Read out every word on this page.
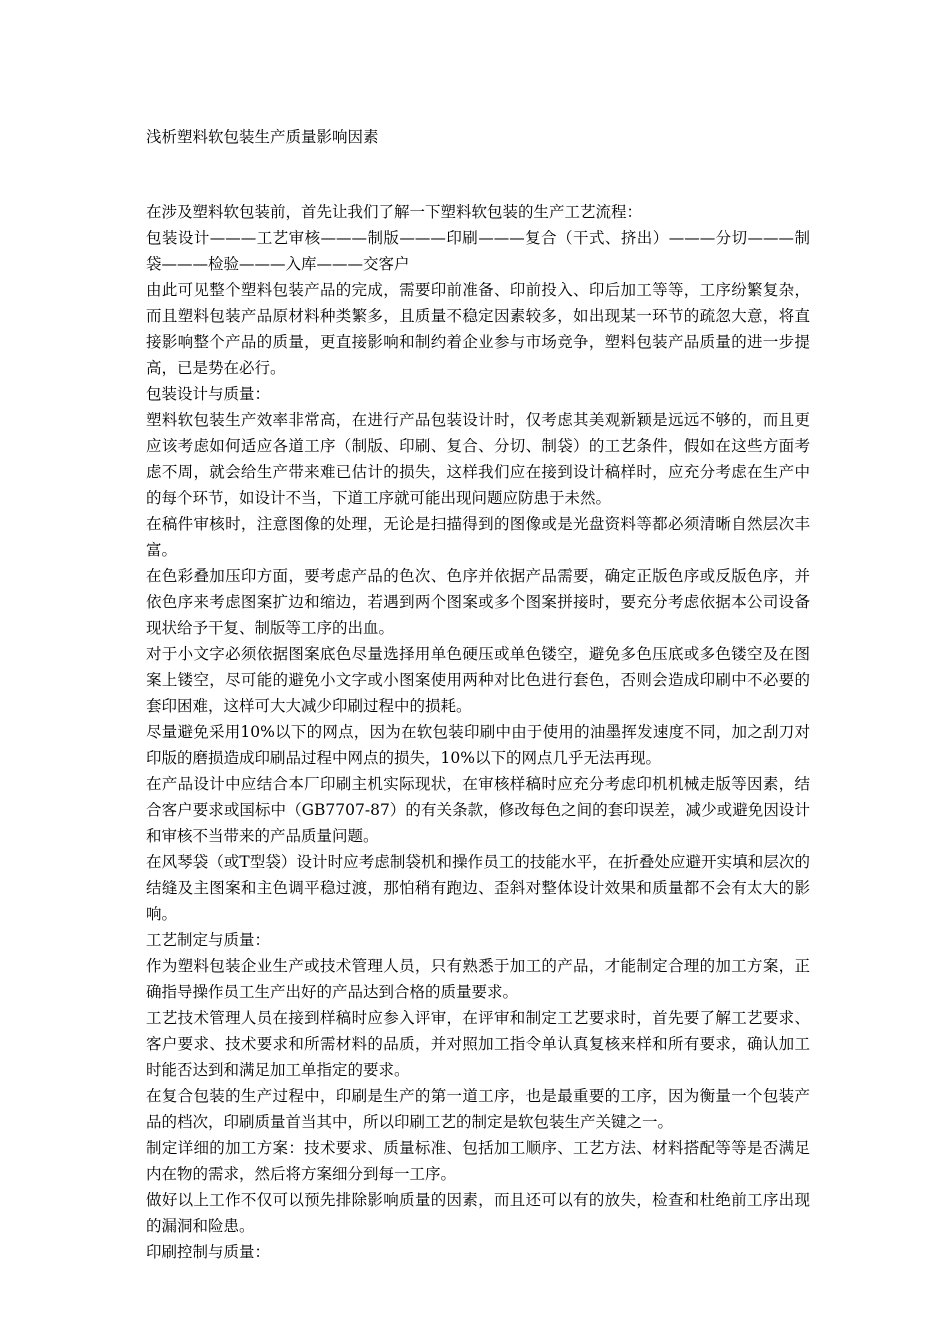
浅析塑料软包装生产质量影响因素

在涉及塑料软包装前，首先让我们了解一下塑料软包装的生产工艺流程：

包装设计———工艺审核———制版———印刷———复合（干式、挤出）———分切———制袋———检验———入库———交客户

由此可见整个塑料包装产品的完成，需要印前准备、印前投入、印后加工等等，工序纷繁复杂，而且塑料包装产品原材料种类繁多，且质量不稳定因素较多，如出现某一环节的疏忽大意，将直接影响整个产品的质量，更直接影响和制约着企业参与市场竞争，塑料包装产品质量的进一步提高，已是势在必行。

包装设计与质量：

塑料软包装生产效率非常高，在进行产品包装设计时，仅考虑其美观新颖是远远不够的，而且更应该考虑如何适应各道工序（制版、印刷、复合、分切、制袋）的工艺条件，假如在这些方面考虑不周，就会给生产带来难已估计的损失，这样我们应在接到设计稿样时，应充分考虑在生产中的每个环节，如设计不当，下道工序就可能出现问题应防患于未然。

在稿件审核时，注意图像的处理，无论是扫描得到的图像或是光盘资料等都必须清晰自然层次丰富。

在色彩叠加压印方面，要考虑产品的色次、色序并依据产品需要，确定正版色序或反版色序，并依色序来考虑图案扩边和缩边，若遇到两个图案或多个图案拼接时，要充分考虑依据本公司设备现状给予干复、制版等工序的出血。

对于小文字必须依据图案底色尽量选择用单色硬压或单色镂空，避免多色压底或多色镂空及在图案上镂空，尽可能的避免小文字或小图案使用两种对比色进行套色，否则会造成印刷中不必要的套印困难，这样可大大减少印刷过程中的损耗。

尽量避免采用10%以下的网点，因为在软包装印刷中由于使用的油墨挥发速度不同，加之刮刀对印版的磨损造成印刷品过程中网点的损失，10%以下的网点几乎无法再现。

在产品设计中应结合本厂印刷主机实际现状，在审核样稿时应充分考虑印机机械走版等因素，结合客户要求或国标中（GB7707-87）的有关条款，修改每色之间的套印误差，减少或避免因设计和审核不当带来的产品质量问题。

在风琴袋（或T型袋）设计时应考虑制袋机和操作员工的技能水平，在折叠处应避开实填和层次的结缝及主图案和主色调平稳过渡，那怕稍有跑边、歪斜对整体设计效果和质量都不会有太大的影响。

工艺制定与质量：

作为塑料包装企业生产或技术管理人员，只有熟悉于加工的产品，才能制定合理的加工方案，正确指导操作员工生产出好的产品达到合格的质量要求。

工艺技术管理人员在接到样稿时应参入评审，在评审和制定工艺要求时，首先要了解工艺要求、客户要求、技术要求和所需材料的品质，并对照加工指令单认真复核来样和所有要求，确认加工时能否达到和满足加工单指定的要求。

在复合包装的生产过程中，印刷是生产的第一道工序，也是最重要的工序，因为衡量一个包装产品的档次，印刷质量首当其中，所以印刷工艺的制定是软包装生产关键之一。

制定详细的加工方案：技术要求、质量标准、包括加工顺序、工艺方法、材料搭配等等是否满足内在物的需求，然后将方案细分到每一工序。

做好以上工作不仅可以预先排除影响质量的因素，而且还可以有的放失，检查和杜绝前工序出现的漏洞和险患。

印刷控制与质量：
